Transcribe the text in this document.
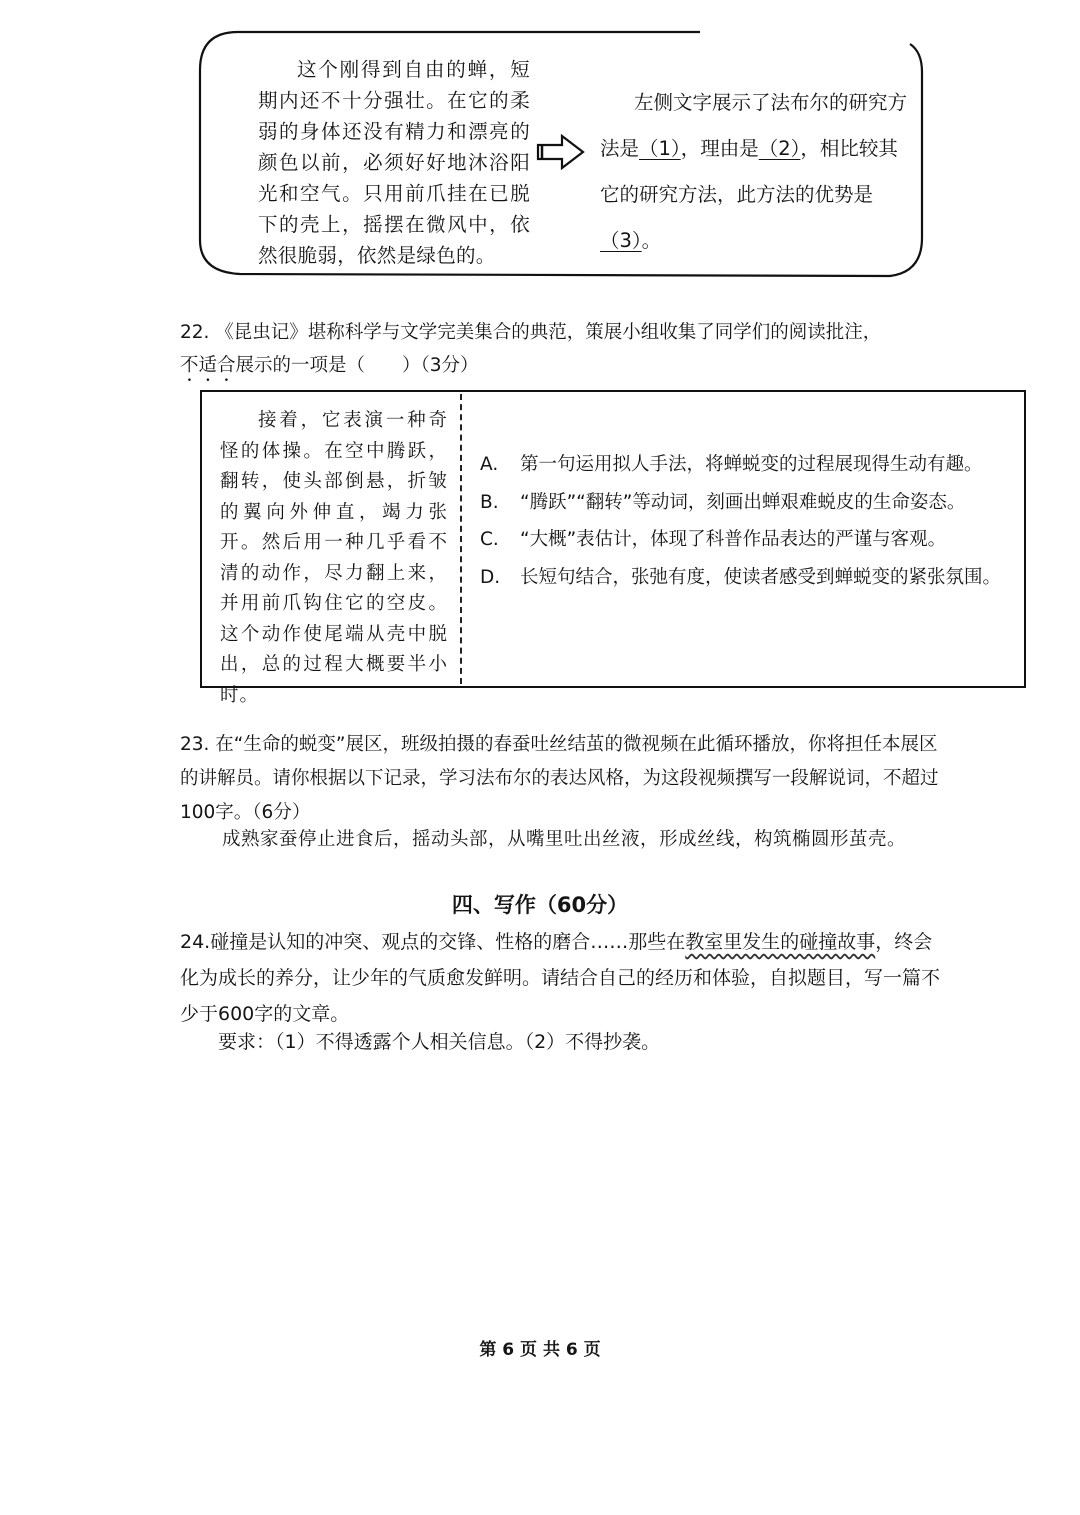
这个刚得到自由的蝉，短期内还不十分强壮。在它的柔弱的身体还没有精力和漂亮的颜色以前，必须好好地沐浴阳光和空气。只用前爪挂在已脱下的壳上，摇摆在微风中，依然很脆弱，依然是绿色的。
左侧文字展示了法布尔的研究方法是（1），理由是（2），相比较其它的研究方法，此方法的优势是（3）。
22. 《昆虫记》堪称科学与文学完美集合的典范，策展小组收集了同学们的阅读批注，
不适合展示的一项是（　　）（3分）
接着，它表演一种奇怪的体操。在空中腾跃，翻转，使头部倒悬，折皱的翼向外伸直，竭力张开。然后用一种几乎看不清的动作，尽力翻上来，并用前爪钩住它的空皮。这个动作使尾端从壳中脱出，总的过程大概要半小时。
A.	第一句运用拟人手法，将蝉蜕变的过程展现得生动有趣。
B.	“腾跃”“翻转”等动词，刻画出蝉艰难蜕皮的生命姿态。
C.	“大概”表估计，体现了科普作品表达的严谨与客观。
D.	长短句结合，张弛有度，使读者感受到蝉蜕变的紧张氛围。
23. 在“生命的蜕变”展区，班级拍摄的春蚕吐丝结茧的微视频在此循环播放，你将担任本展区的讲解员。请你根据以下记录，学习法布尔的表达风格，为这段视频撰写一段解说词，不超过100字。（6分）
成熟家蚕停止进食后，摇动头部，从嘴里吐出丝液，形成丝线，构筑椭圆形茧壳。
四、写作（60分）
24.碰撞是认知的冲突、观点的交锋、性格的磨合……那些在教室里发生的碰撞故事，终会化为成长的养分，让少年的气质愈发鲜明。请结合自己的经历和体验，自拟题目，写一篇不少于600字的文章。
要求：（1）不得透露个人相关信息。（2）不得抄袭。
第 6 页 共 6 页
